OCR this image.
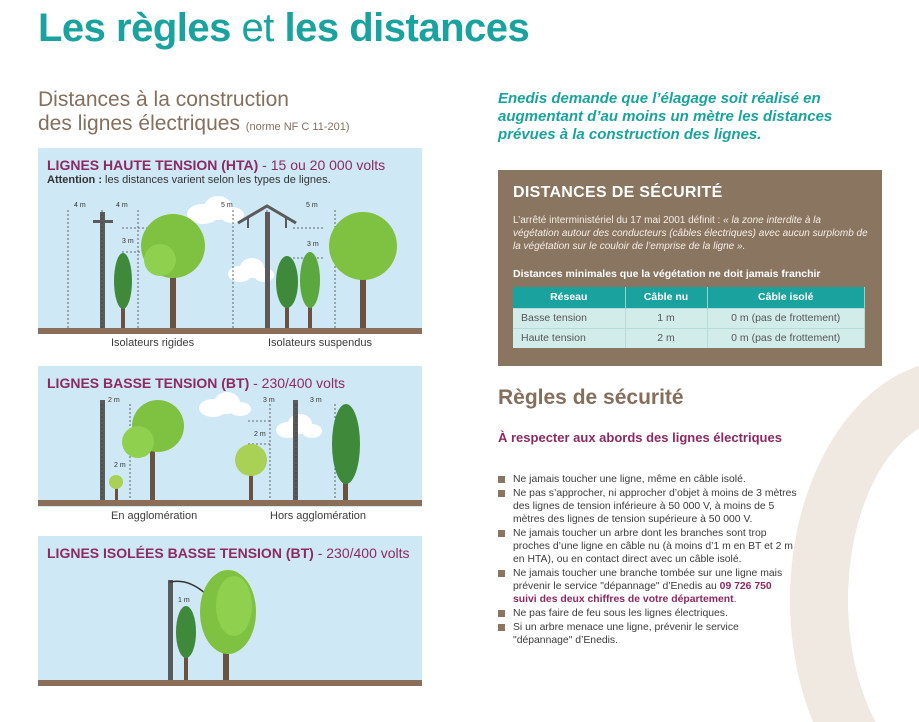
Les règles et les distances
Distances à la construction
des lignes électriques (norme NF C 11-201)
LIGNES HAUTE TENSION (HTA) - 15 ou 20 000 volts
Attention : les distances varient selon les types de lignes.
4 m	4 m
3 m
5 m	5 m
3 m
Isolateurs rigides	Isolateurs suspendus
LIGNES BASSE TENSION (BT) - 230/400 volts
2 m
2 m
3 m	3 m
2 m
En agglomération	Hors agglomération
LIGNES ISOLÉES BASSE TENSION (BT) - 230/400 volts
1 m

Enedis demande que l’élagage soit réalisé en augmentant d’au moins un mètre les distances prévues à la construction des lignes.

DISTANCES DE SÉCURITÉ
L’arrêté interministériel du 17 mai 2001 définit : « la zone interdite à la végétation autour des conducteurs (câbles électriques) avec aucun surplomb de la végétation sur le couloir de l’emprise de la ligne ».
Distances minimales que la végétation ne doit jamais franchir
Réseau	Câble nu	Câble isolé
Basse tension	1 m	0 m (pas de frottement)
Haute tension	2 m	0 m (pas de frottement)
Règles de sécurité
À respecter aux abords des lignes électriques
Ne jamais toucher une ligne, même en câble isolé.
Ne pas s’approcher, ni approcher d’objet à moins de 3 mètres des lignes de tension inférieure à 50 000 V, à moins de 5 mètres des lignes de tension supérieure à 50 000 V.
Ne jamais toucher un arbre dont les branches sont trop proches d’une ligne en câble nu (à moins d’1 m en BT et 2 m en HTA), ou en contact direct avec un câble isolé.
Ne jamais toucher une branche tombée sur une ligne mais prévenir le service "dépannage" d’Enedis au 09 726 750 suivi des deux chiffres de votre département.
Ne pas faire de feu sous les lignes électriques.
Si un arbre menace une ligne, prévenir le service "dépannage" d’Enedis.
